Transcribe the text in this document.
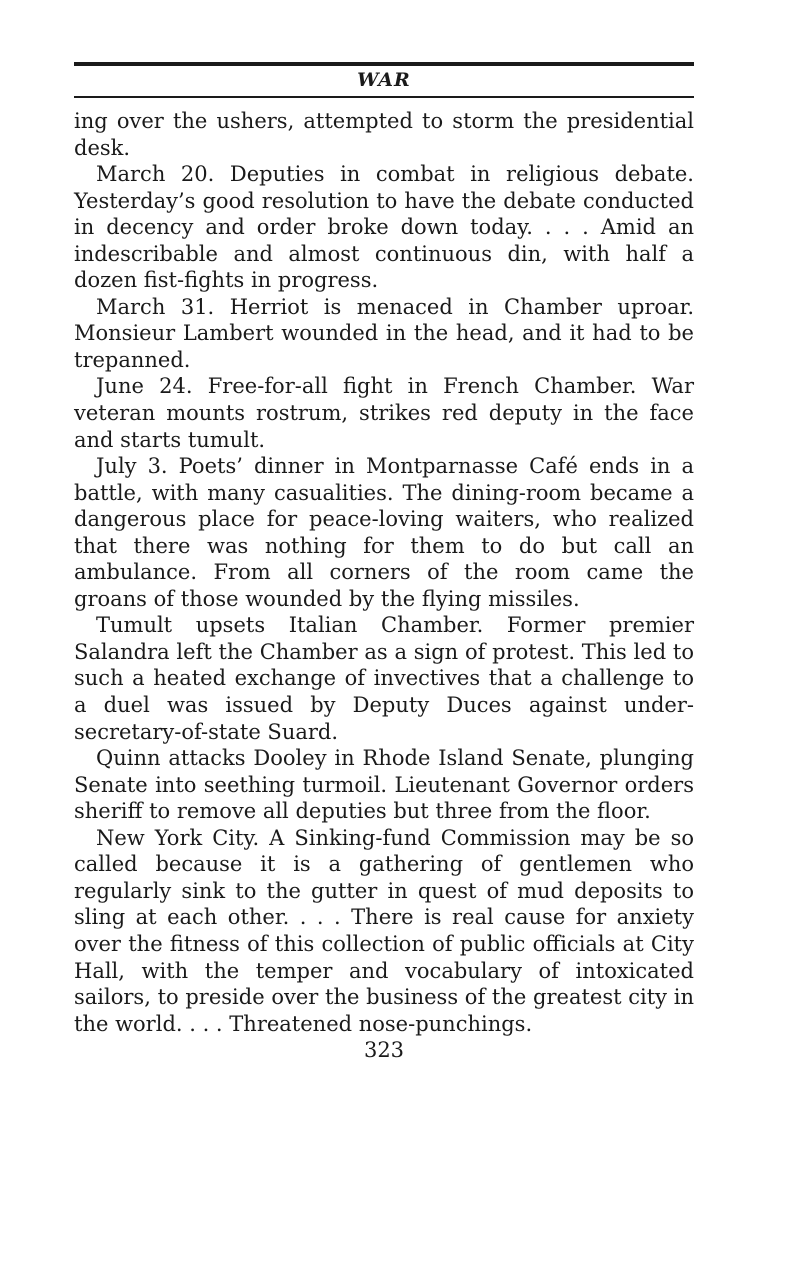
WAR

ing over the ushers, attempted to storm the presidential desk.

March 20. Deputies in combat in religious debate. Yesterday’s good resolution to have the debate conducted in decency and order broke down today. . . . Amid an indescribable and almost continuous din, with half a dozen fist-fights in progress.

March 31. Herriot is menaced in Chamber uproar. Monsieur Lambert wounded in the head, and it had to be trepanned.

June 24. Free-for-all fight in French Chamber. War veteran mounts rostrum, strikes red deputy in the face and starts tumult.

July 3. Poets’ dinner in Montparnasse Café ends in a battle, with many casualities. The dining-room became a dangerous place for peace-loving waiters, who realized that there was nothing for them to do but call an ambulance. From all corners of the room came the groans of those wounded by the flying missiles.

Tumult upsets Italian Chamber. Former premier Salandra left the Chamber as a sign of protest. This led to such a heated exchange of invectives that a challenge to a duel was issued by Deputy Duces against under-secretary-of-state Suard.

Quinn attacks Dooley in Rhode Island Senate, plunging Senate into seething turmoil. Lieutenant Governor orders sheriff to remove all deputies but three from the floor.

New York City. A Sinking-fund Commission may be so called because it is a gathering of gentlemen who regularly sink to the gutter in quest of mud deposits to sling at each other. . . . There is real cause for anxiety over the fitness of this collection of public officials at City Hall, with the temper and vocabulary of intoxicated sailors, to preside over the business of the greatest city in the world. . . . Threatened nose-punchings.

323
